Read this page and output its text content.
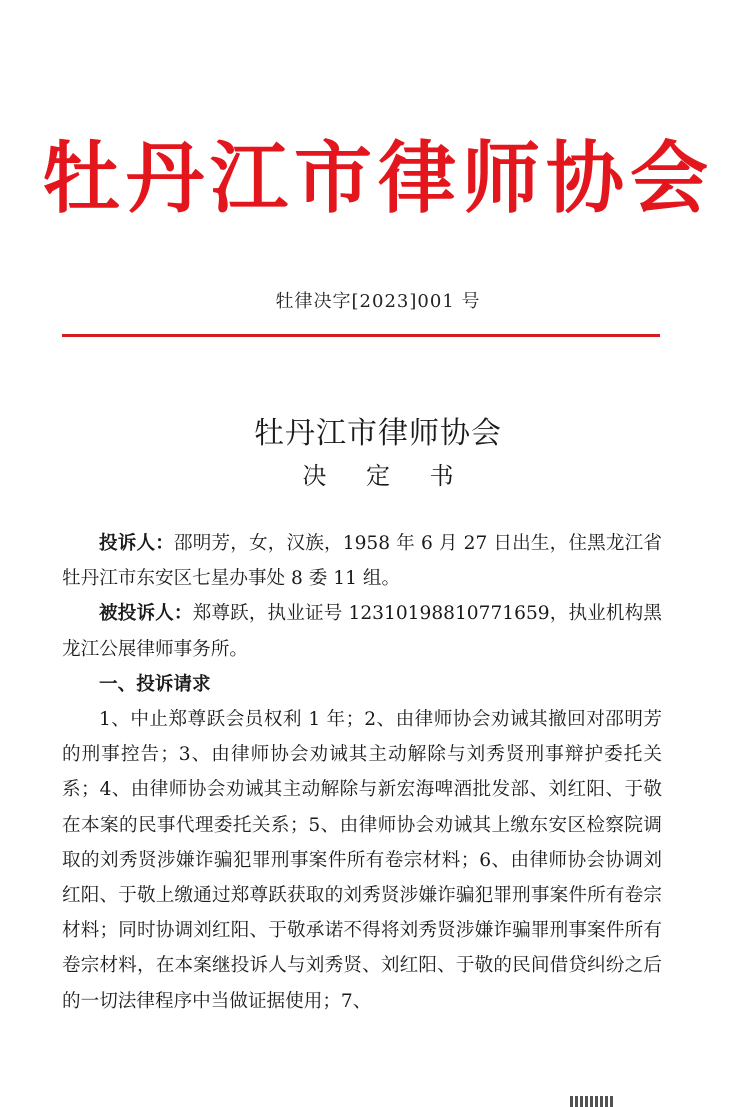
牡丹江市律师协会
牡律决字[2023]001 号
牡丹江市律师协会
决 定 书

投诉人：邵明芳，女，汉族，1958 年 6 月 27 日出生，住黑龙江省牡丹江市东安区七星办事处 8 委 11 组。

被投诉人：郑尊跃，执业证号 12310198810771659，执业机构黑龙江公展律师事务所。

一、投诉请求

1、中止郑尊跃会员权利 1 年；2、由律师协会劝诫其撤回对邵明芳的刑事控告；3、由律师协会劝诫其主动解除与刘秀贤刑事辩护委托关系；4、由律师协会劝诫其主动解除与新宏海啤酒批发部、刘红阳、于敬在本案的民事代理委托关系；5、由律师协会劝诫其上缴东安区检察院调取的刘秀贤涉嫌诈骗犯罪刑事案件所有卷宗材料；6、由律师协会协调刘红阳、于敬上缴通过郑尊跃获取的刘秀贤涉嫌诈骗犯罪刑事案件所有卷宗材料；同时协调刘红阳、于敬承诺不得将刘秀贤涉嫌诈骗罪刑事案件所有卷宗材料，在本案继投诉人与刘秀贤、刘红阳、于敬的民间借贷纠纷之后的一切法律程序中当做证据使用；7、
